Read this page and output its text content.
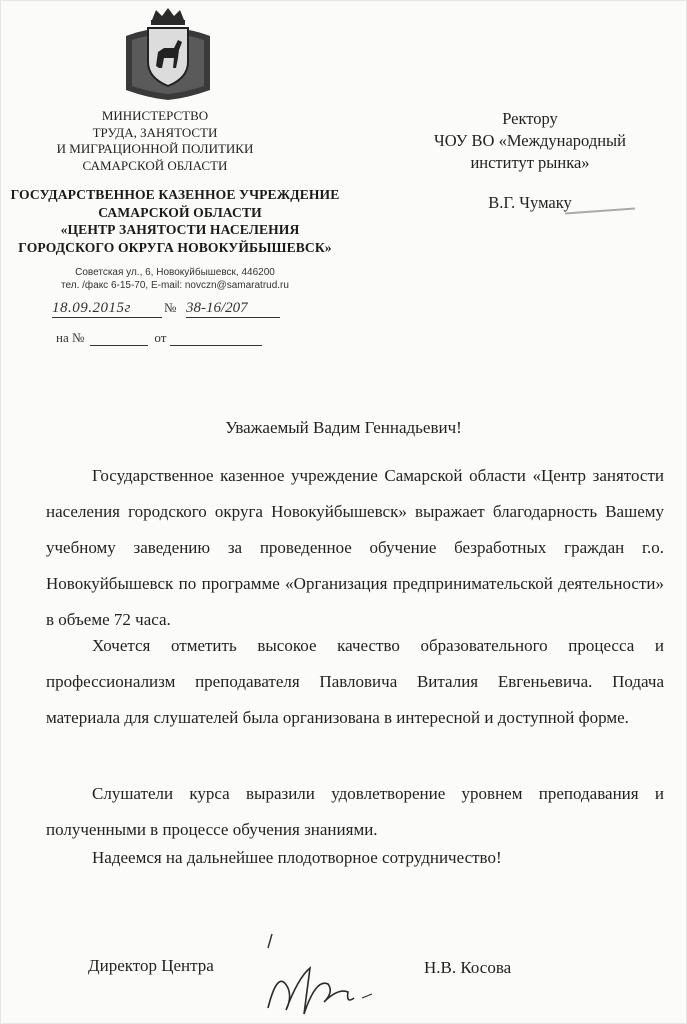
МИНИСТЕРСТВО
ТРУДА, ЗАНЯТОСТИ
И МИГРАЦИОННОЙ ПОЛИТИКИ
САМАРСКОЙ ОБЛАСТИ
ГОСУДАРСТВЕННОЕ КАЗЕННОЕ УЧРЕЖДЕНИЕ
САМАРСКОЙ ОБЛАСТИ
«ЦЕНТР ЗАНЯТОСТИ НАСЕЛЕНИЯ
ГОРОДСКОГО ОКРУГА НОВОКУЙБЫШЕВСК»
Советская ул., 6, Новокуйбышевск, 446200
тел. /факс 6-15-70, E-mail: novczn@samaratrud.ru
18.09.2015г	№ 38-16/207
на №	от
Ректору
ЧОУ ВО «Международный
институт рынка»
В.Г. Чумаку
Уважаемый Вадим Геннадьевич!

Государственное казенное учреждение Самарской области «Центр занятости населения городского округа Новокуйбышевск» выражает благодарность Вашему учебному заведению за проведенное обучение безработных граждан г.о. Новокуйбышевск по программе «Организация предпринимательской деятельности» в объеме 72 часа.

Хочется отметить высокое качество образовательного процесса и профессионализм преподавателя Павловича Виталия Евгеньевича. Подача материала для слушателей была организована в интересной и доступной форме.

Слушатели курса выразили удовлетворение уровнем преподавания и полученными в процессе обучения знаниями.

Надеемся на дальнейшее плодотворное сотрудничество!

Директор Центра	Н.В. Косова
